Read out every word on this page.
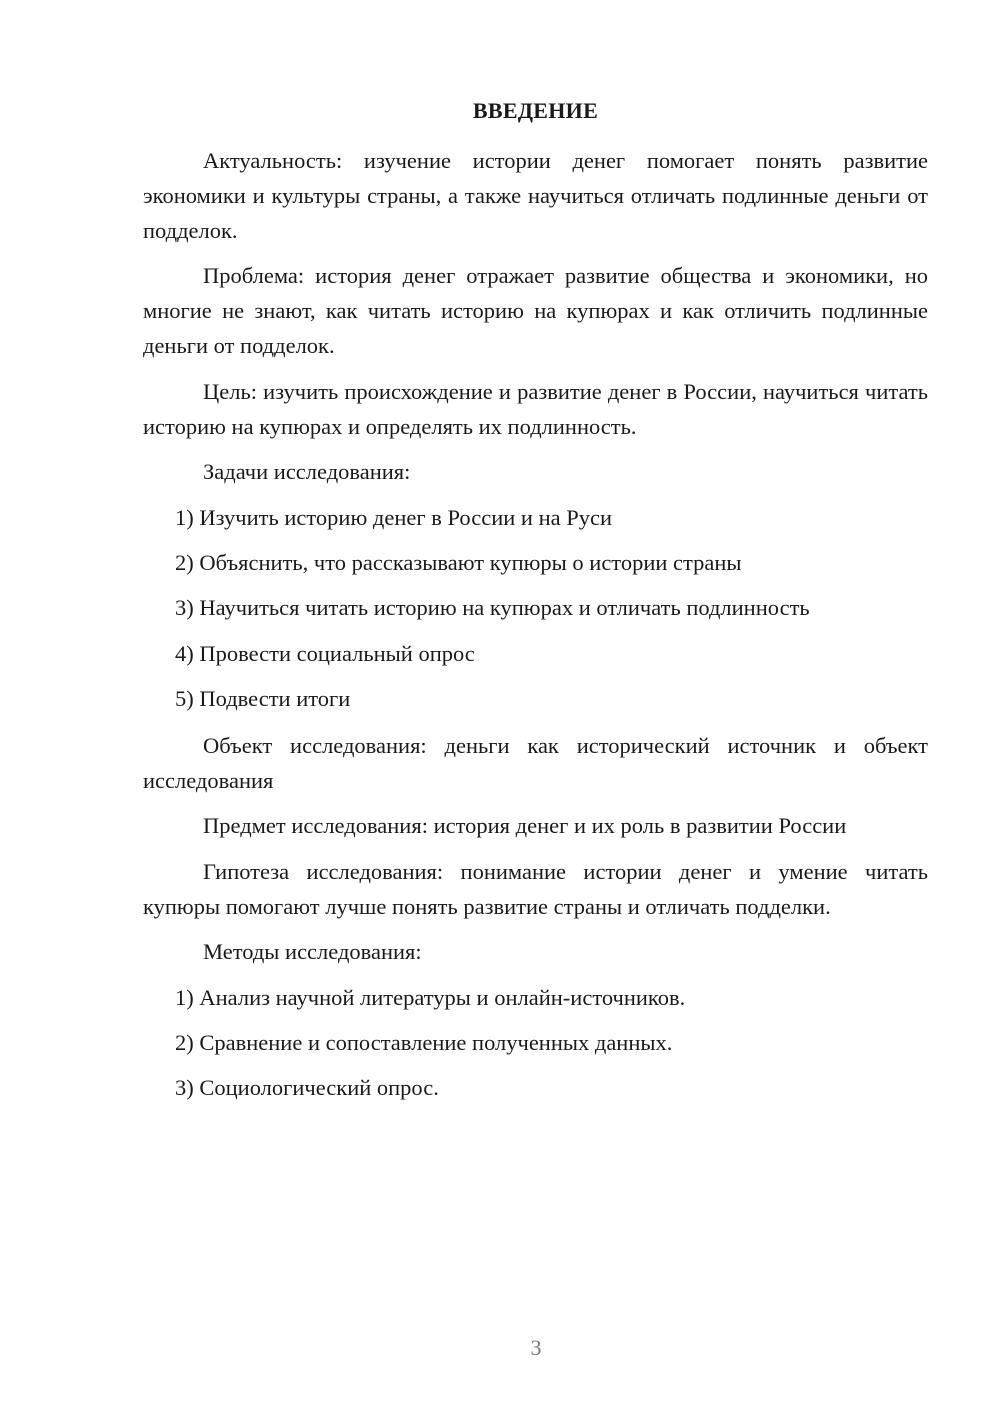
ВВЕДЕНИЕ

Актуальность: изучение истории денег помогает понять развитие экономики и культуры страны, а также научиться отличать подлинные деньги от подделок.

Проблема: история денег отражает развитие общества и экономики, но многие не знают, как читать историю на купюрах и как отличить подлинные деньги от подделок.

Цель: изучить происхождение и развитие денег в России, научиться читать историю на купюрах и определять их подлинность.

Задачи исследования:

1) Изучить историю денег в России и на Руси

2) Объяснить, что рассказывают купюры о истории страны

3) Научиться читать историю на купюрах и отличать подлинность

4) Провести социальный опрос

5) Подвести итоги

Объект исследования: деньги как исторический источник и объект исследования

Предмет исследования: история денег и их роль в развитии России

Гипотеза исследования: понимание истории денег и умение читать купюры помогают лучше понять развитие страны и отличать подделки.

Методы исследования:

1) Анализ научной литературы и онлайн-источников.

2) Сравнение и сопоставление полученных данных.

3) Социологический опрос.

3
